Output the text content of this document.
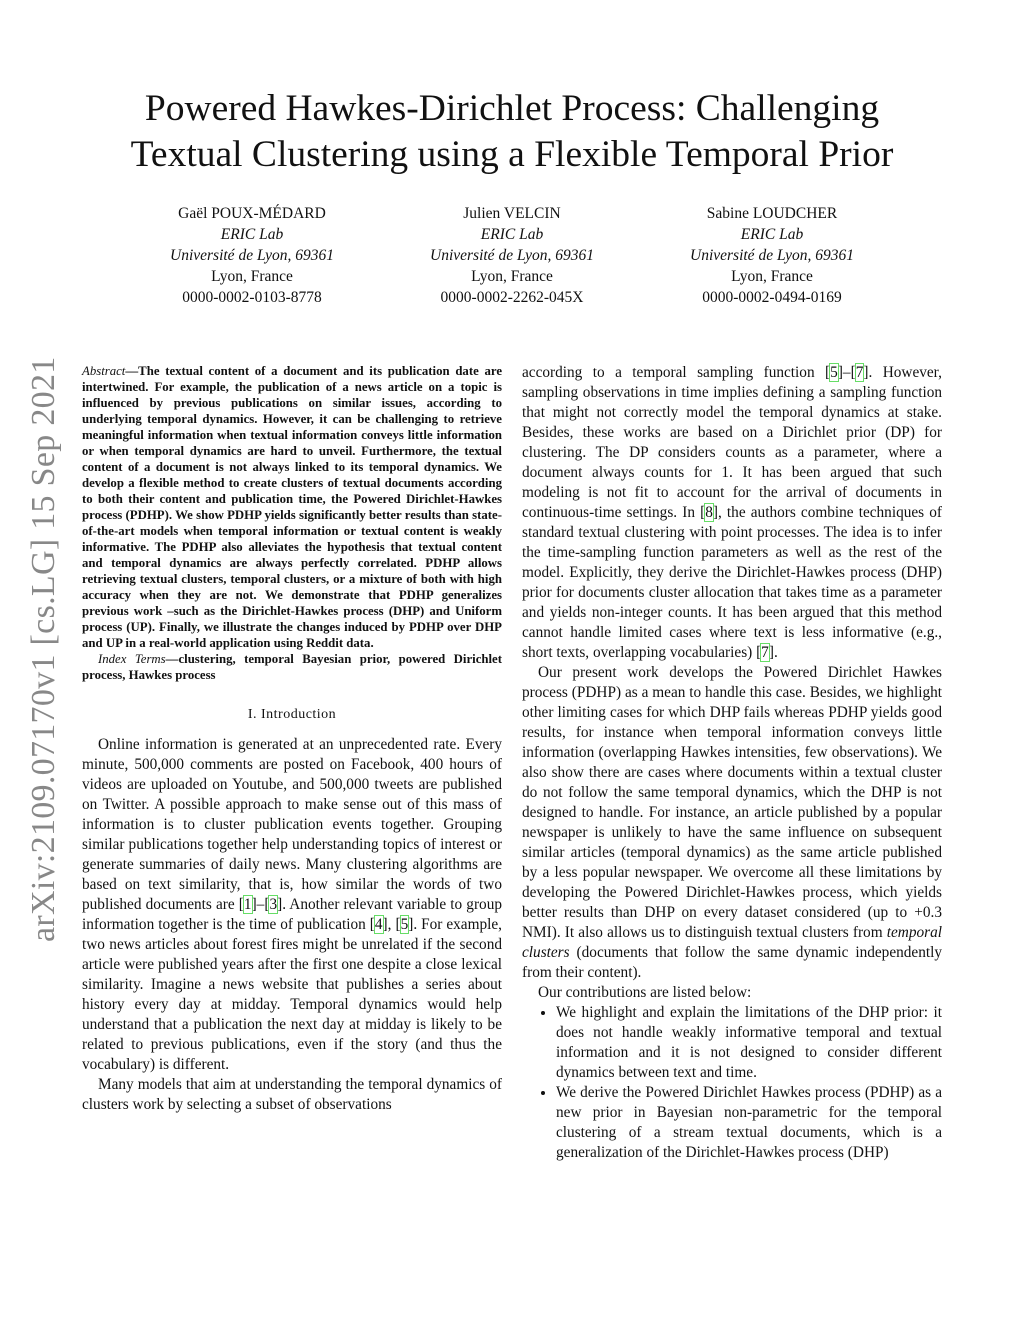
Powered Hawkes-Dirichlet Process: Challenging
Textual Clustering using a Flexible Temporal Prior
Gaël POUX-MÉDARD
ERIC Lab
Université de Lyon, 69361
Lyon, France
0000-0002-0103-8778
Julien VELCIN
ERIC Lab
Université de Lyon, 69361
Lyon, France
0000-0002-2262-045X
Sabine LOUDCHER
ERIC Lab
Université de Lyon, 69361
Lyon, France
0000-0002-0494-0169
arXiv:2109.07170v1 [cs.LG] 15 Sep 2021 Abstract—The textual content of a document and its publication date are intertwined. For example, the publication of a news article on a topic is influenced by previous publications on similar issues, according to underlying temporal dynamics. However, it can be challenging to retrieve meaningful information when textual information conveys little information or when temporal dynamics are hard to unveil. Furthermore, the textual content of a document is not always linked to its temporal dynamics. We develop a flexible method to create clusters of textual documents according to both their content and publication time, the Powered Dirichlet-Hawkes process (PDHP). We show PDHP yields significantly better results than state-of-the-art models when temporal information or textual content is weakly informative. The PDHP also alleviates the hypothesis that textual content and temporal dynamics are always perfectly correlated. PDHP allows retrieving textual clusters, temporal clusters, or a mixture of both with high accuracy when they are not. We demonstrate that PDHP generalizes previous work –such as the Dirichlet-Hawkes process (DHP) and Uniform process (UP). Finally, we illustrate the changes induced by PDHP over DHP and UP in a real-world application using Reddit data.

Index Terms—clustering, temporal Bayesian prior, powered Dirichlet process, Hawkes process

I. Introduction

Online information is generated at an unprecedented rate. Every minute, 500,000 comments are posted on Facebook, 400 hours of videos are uploaded on Youtube, and 500,000 tweets are published on Twitter. A possible approach to make sense out of this mass of information is to cluster publication events together. Grouping similar publications together help understanding topics of interest or generate summaries of daily news. Many clustering algorithms are based on text similarity, that is, how similar the words of two published documents are [1]–[3]. Another relevant variable to group information together is the time of publication [4], [5]. For example, two news articles about forest fires might be unrelated if the second article were published years after the first one despite a close lexical similarity. Imagine a news website that publishes a series about history every day at midday. Temporal dynamics would help understand that a publication the next day at midday is likely to be related to previous publications, even if the story (and thus the vocabulary) is different.

Many models that aim at understanding the temporal dynamics of clusters work by selecting a subset of observations

according to a temporal sampling function [5]–[7]. However, sampling observations in time implies defining a sampling function that might not correctly model the temporal dynamics at stake. Besides, these works are based on a Dirichlet prior (DP) for clustering. The DP considers counts as a parameter, where a document always counts for 1. It has been argued that such modeling is not fit to account for the arrival of documents in continuous-time settings. In [8], the authors combine techniques of standard textual clustering with point processes. The idea is to infer the time-sampling function parameters as well as the rest of the model. Explicitly, they derive the Dirichlet-Hawkes process (DHP) prior for documents cluster allocation that takes time as a parameter and yields non-integer counts. It has been argued that this method cannot handle limited cases where text is less informative (e.g., short texts, overlapping vocabularies) [7].

Our present work develops the Powered Dirichlet Hawkes process (PDHP) as a mean to handle this case. Besides, we highlight other limiting cases for which DHP fails whereas PDHP yields good results, for instance when temporal information conveys little information (overlapping Hawkes intensities, few observations). We also show there are cases where documents within a textual cluster do not follow the same temporal dynamics, which the DHP is not designed to handle. For instance, an article published by a popular newspaper is unlikely to have the same influence on subsequent similar articles (temporal dynamics) as the same article published by a less popular newspaper. We overcome all these limitations by developing the Powered Dirichlet-Hawkes process, which yields better results than DHP on every dataset considered (up to +0.3 NMI). It also allows us to distinguish textual clusters from temporal clusters (documents that follow the same dynamic independently from their content).

Our contributions are listed below:

• We highlight and explain the limitations of the DHP prior: it does not handle weakly informative temporal and textual information and it is not designed to consider different dynamics between text and time.
• We derive the Powered Dirichlet Hawkes process (PDHP) as a new prior in Bayesian non-parametric for the temporal clustering of a stream textual documents, which is a generalization of the Dirichlet-Hawkes process (DHP)
